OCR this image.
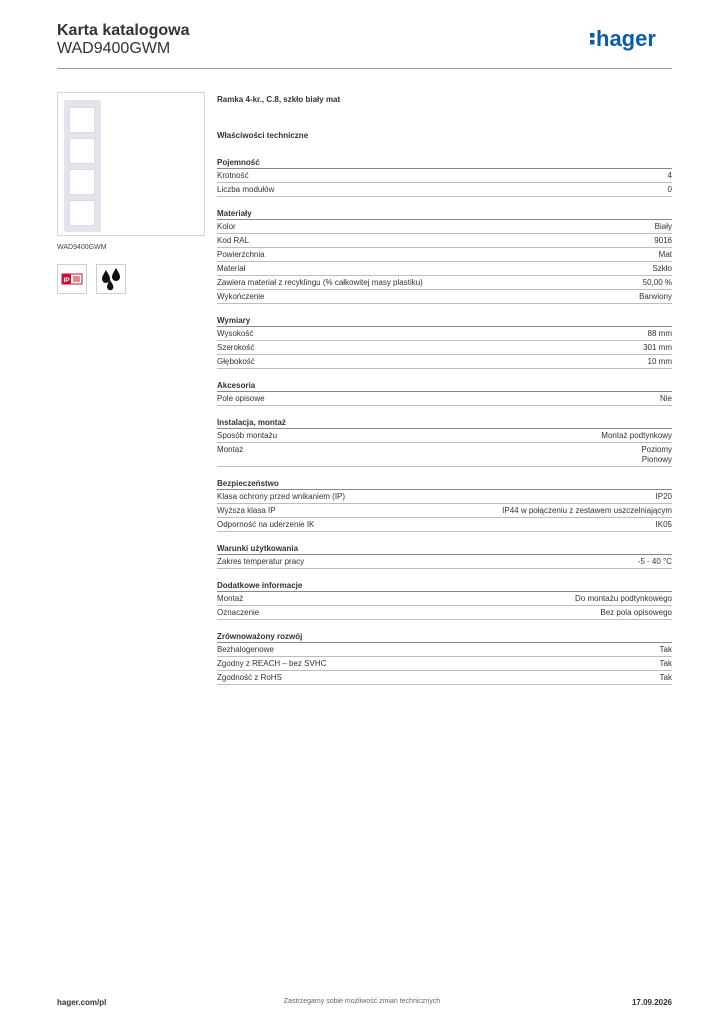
Karta katalogowa
WAD9400GWM	hager
WAD9400GWM
IP
Ramka 4-kr., C.8, szkło biały mat
Właściwości techniczne
Pojemność
Krotność	4
Liczba modułów	0
Materiały
Kolor	Biały
Kod RAL	9016
Powierzchnia	Mat
Materiał	Szkło
Zawiera materiał z recyklingu (% całkowitej masy plastiku)	50,00 %
Wykończenie	Barwiony
Wymiary
Wysokość	88 mm
Szerokość	301 mm
Głębokość	10 mm
Akcesoria
Pole opisowe	Nie
Instalacja, montaż
Sposób montażu	Montaż podtynkowy
Montaż	Poziomy
Pionowy
Bezpieczeństwo
Klasa ochrony przed wnikaniem (IP)	IP20
Wyższa klasa IP	IP44 w połączeniu z zestawem uszczelniającym
Odporność na uderzenie IK	IK05
Warunki użytkowania
Zakres temperatur pracy	-5 - 40 °C
Dodatkowe informacje
Montaż	Do montażu podtynkowego
Oznaczenie	Bez pola opisowego
Zrównoważony rozwój
Bezhalogenowe	Tak
Zgodny z REACH – bez SVHC	Tak
Zgodność z RoHS	Tak
hager.com/pl	Zastrzegamy sobie możliwość zmian technicznych	17.09.2026
